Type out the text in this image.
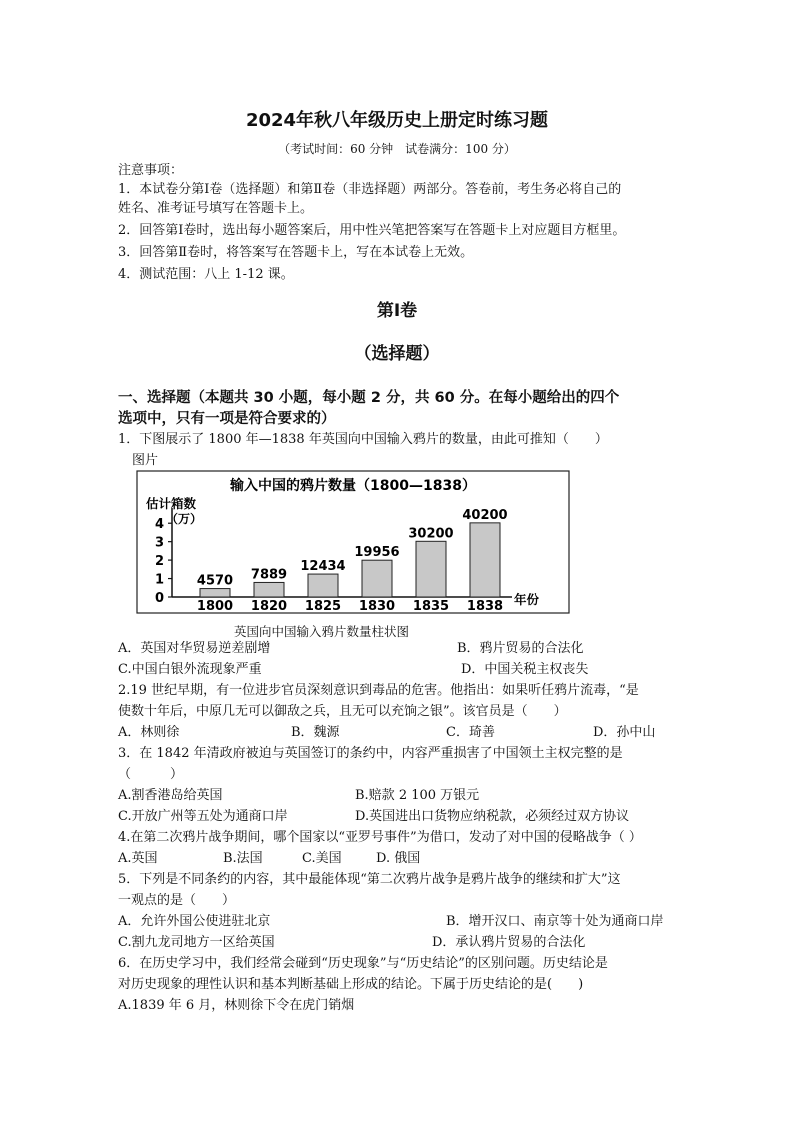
2024年秋八年级历史上册定时练习题
（考试时间：60 分钟　试卷满分：100 分）
注意事项：
1．本试卷分第Ⅰ卷（选择题）和第Ⅱ卷（非选择题）两部分。答卷前，考生务必将自己的
姓名、准考证号填写在答题卡上。
2．回答第Ⅰ卷时，选出每小题答案后，用中性兴笔把答案写在答题卡上对应题目方框里。
3．回答第Ⅱ卷时，将答案写在答题卡上，写在本试卷上无效。
4．测试范围：八上 1-12 课。
第Ⅰ卷
（选择题）
一、选择题（本题共 30 小题，每小题 2 分，共 60 分。在每小题给出的四个
选项中，只有一项是符合要求的）
1．下图展示了 1800 年—1838 年英国向中国输入鸦片的数量，由此可推知（　　）
图片
输入中国的鸦片数量（1800—1838）
估计箱数
（万）
年份
0
1
2
3
4
4570
1800
7889
1820
12434
1825
19956
1830
30200
1835
40200
1838
英国向中国输入鸦片数量柱状图
A．英国对华贸易逆差剧增	B．鸦片贸易的合法化
C.中国白银外流现象严重	D．中国关税主权丧失
2.19 世纪早期，有一位进步官员深刻意识到毒品的危害。他指出：如果听任鸦片流毒，“是
使数十年后，中原几无可以御敌之兵，且无可以充饷之银”。该官员是（　　）
A．林则徐	B．魏源	C．琦善	D．孙中山
3．在 1842 年清政府被迫与英国签订的条约中，内容严重损害了中国领土主权完整的是
（　　　）
A.割香港岛给英国	B.赔款 2 100 万银元
C.开放广州等五处为通商口岸	D.英国进出口货物应纳税款，必须经过双方协议
4.在第二次鸦片战争期间，哪个国家以“亚罗号事件”为借口，发动了对中国的侵略战争（ ）
A.英国	B.法国	C.美国	D. 俄国
5．下列是不同条约的内容，其中最能体现“第二次鸦片战争是鸦片战争的继续和扩大”这
一观点的是（　　）
A．允许外国公使进驻北京	B．增开汉口、南京等十处为通商口岸
C.割九龙司地方一区给英国	D．承认鸦片贸易的合法化
6．在历史学习中，我们经常会碰到“历史现象”与“历史结论”的区别问题。历史结论是
对历史现象的理性认识和基本判断基础上形成的结论。下属于历史结论的是(　　)
A.1839 年 6 月，林则徐下令在虎门销烟
